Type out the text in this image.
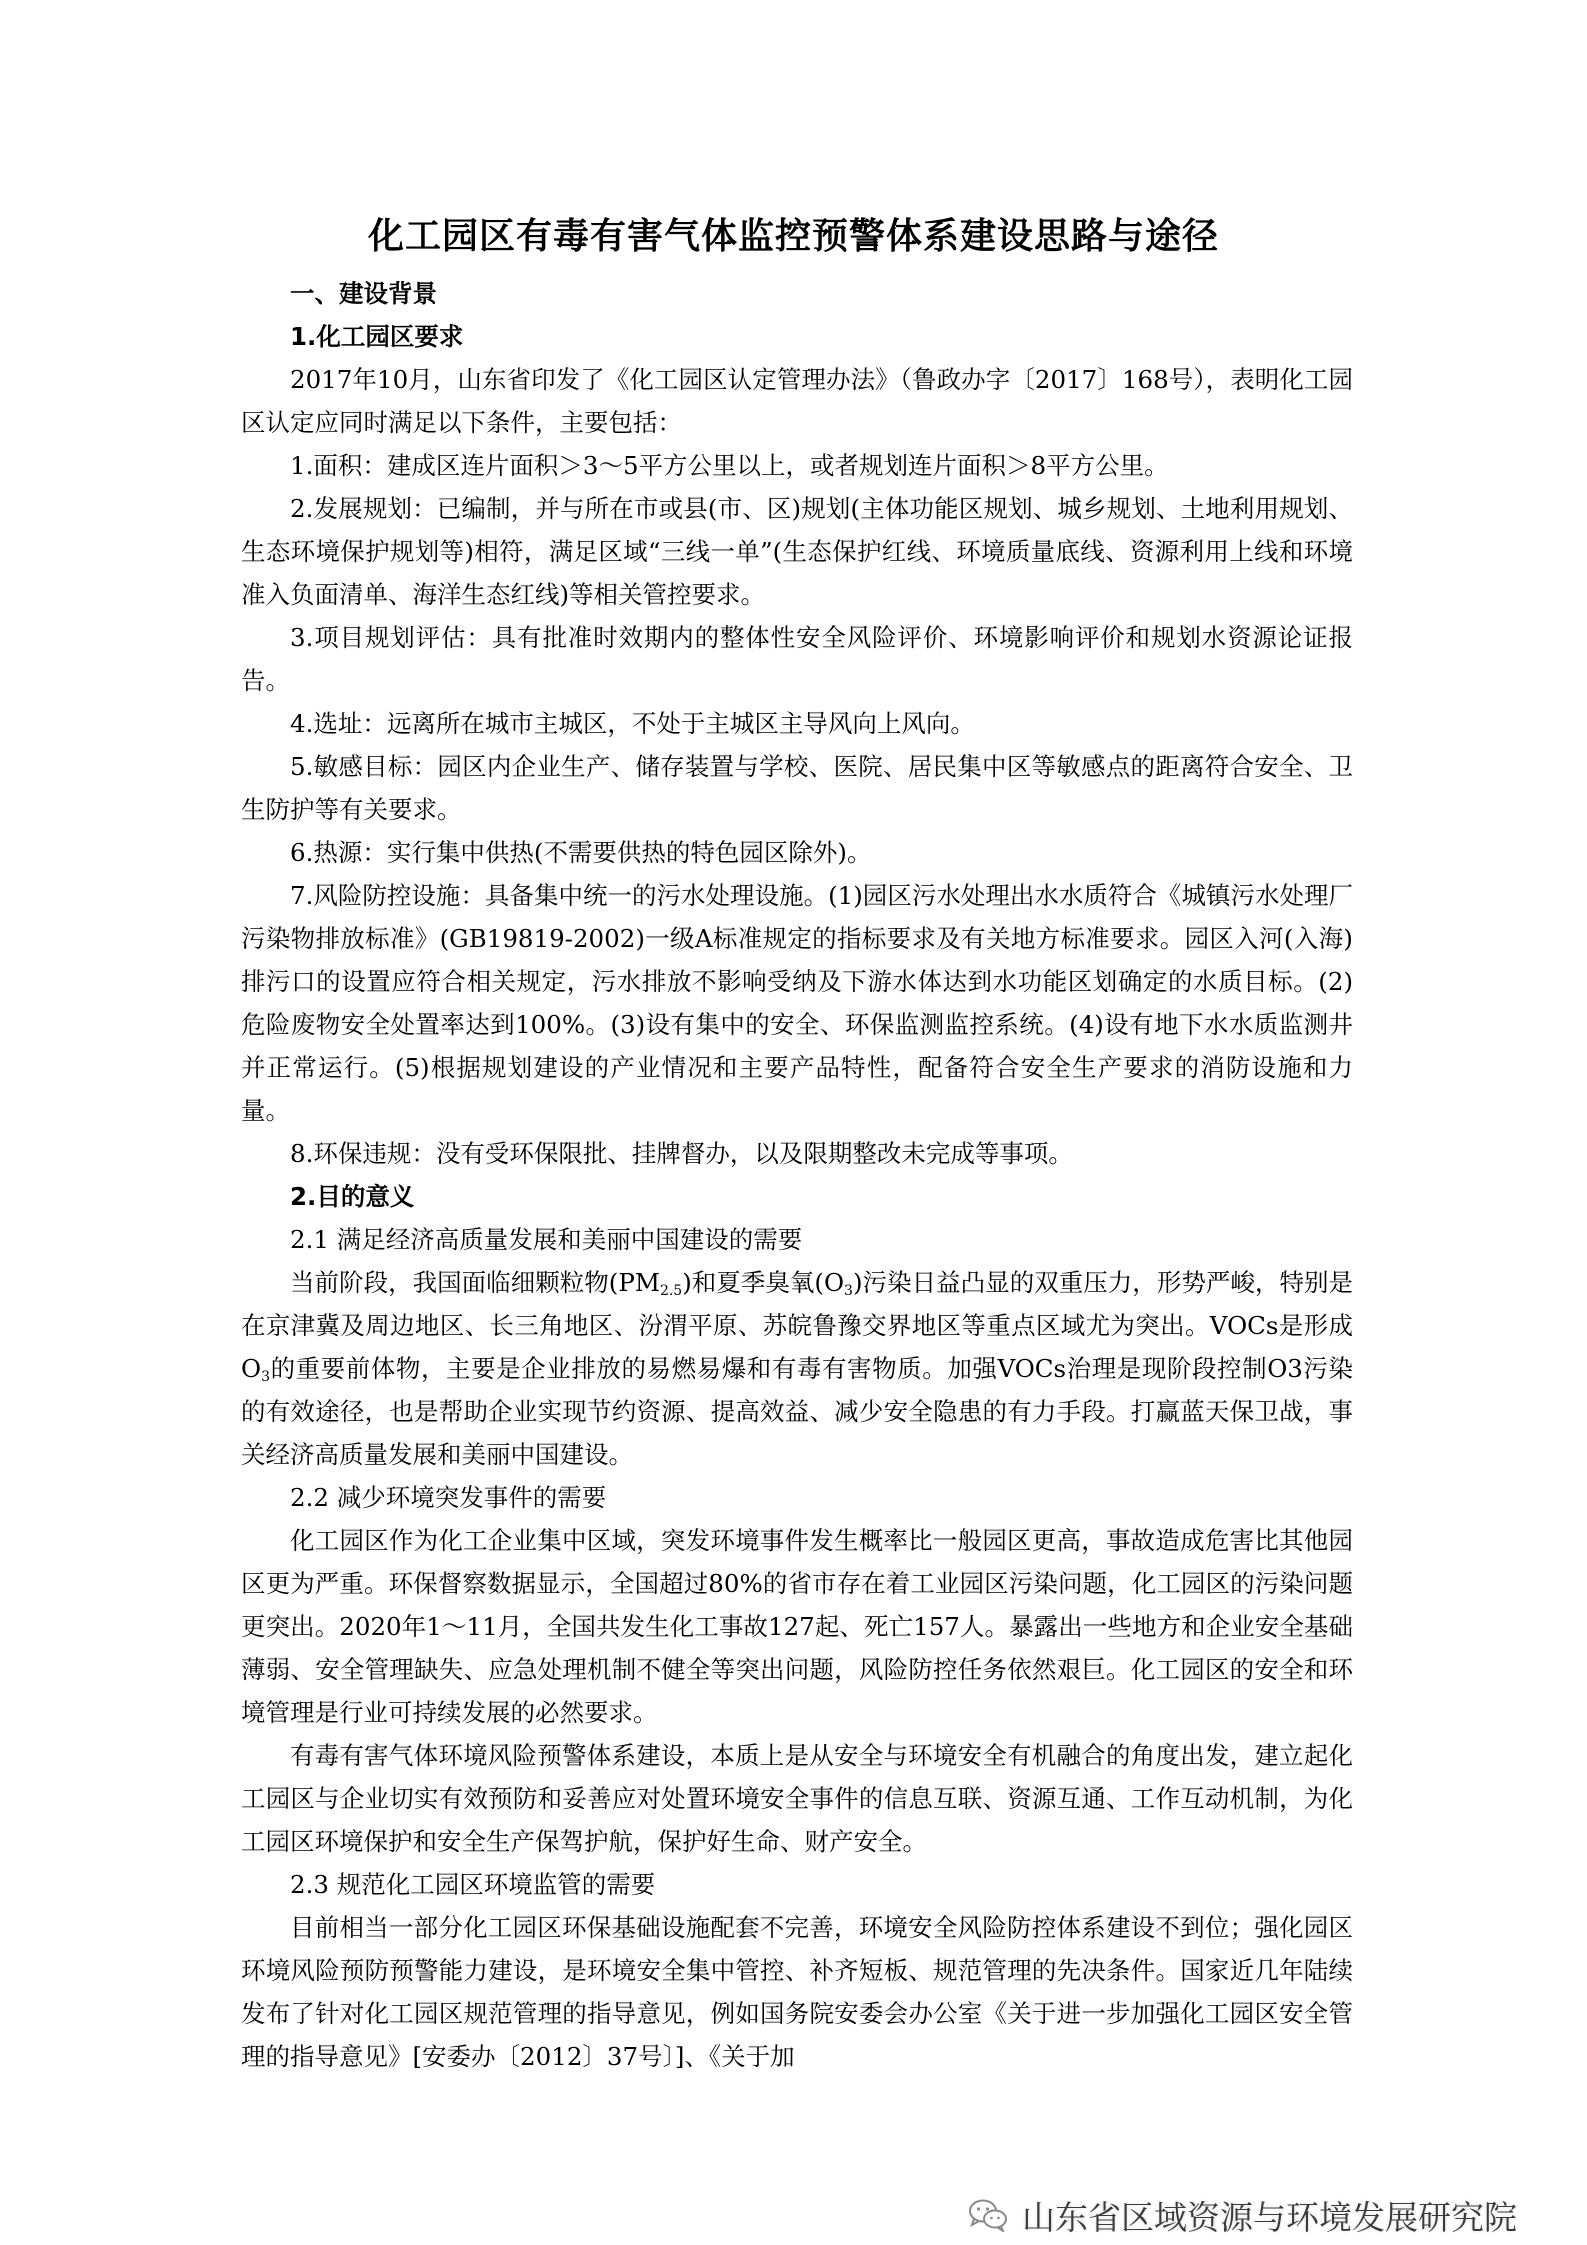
化工园区有毒有害气体监控预警体系建设思路与途径

一、建设背景

1.化工园区要求

2017年10月，山东省印发了《化工园区认定管理办法》（鲁政办字〔2017〕168号），表明化工园区认定应同时满足以下条件，主要包括：

1.面积：建成区连片面积＞3～5平方公里以上，或者规划连片面积＞8平方公里。

2.发展规划：已编制，并与所在市或县(市、区)规划(主体功能区规划、城乡规划、土地利用规划、生态环境保护规划等)相符，满足区域“三线一单”(生态保护红线、环境质量底线、资源利用上线和环境准入负面清单、海洋生态红线)等相关管控要求。

3.项目规划评估：具有批准时效期内的整体性安全风险评价、环境影响评价和规划水资源论证报告。

4.选址：远离所在城市主城区，不处于主城区主导风向上风向。

5.敏感目标：园区内企业生产、储存装置与学校、医院、居民集中区等敏感点的距离符合安全、卫生防护等有关要求。

6.热源：实行集中供热(不需要供热的特色园区除外)。

7.风险防控设施：具备集中统一的污水处理设施。(1)园区污水处理出水水质符合《城镇污水处理厂污染物排放标准》(GB19819-2002)一级A标准规定的指标要求及有关地方标准要求。园区入河(入海)排污口的设置应符合相关规定，污水排放不影响受纳及下游水体达到水功能区划确定的水质目标。(2)危险废物安全处置率达到100%。(3)设有集中的安全、环保监测监控系统。(4)设有地下水水质监测井并正常运行。(5)根据规划建设的产业情况和主要产品特性，配备符合安全生产要求的消防设施和力量。

8.环保违规：没有受环保限批、挂牌督办，以及限期整改未完成等事项。

2.目的意义

2.1 满足经济高质量发展和美丽中国建设的需要

当前阶段，我国面临细颗粒物$(PM_{2.5})$和夏季臭氧$(O_3)$污染日益凸显的双重压力，形势严峻，特别是在京津冀及周边地区、长三角地区、汾渭平原、苏皖鲁豫交界地区等重点区域尤为突出。VOCs是形成$O_3$的重要前体物，主要是企业排放的易燃易爆和有毒有害物质。加强VOCs治理是现阶段控制O3污染的有效途径，也是帮助企业实现节约资源、提高效益、减少安全隐患的有力手段。打赢蓝天保卫战，事关经济高质量发展和美丽中国建设。

2.2 减少环境突发事件的需要

化工园区作为化工企业集中区域，突发环境事件发生概率比一般园区更高，事故造成危害比其他园区更为严重。环保督察数据显示，全国超过80%的省市存在着工业园区污染问题，化工园区的污染问题更突出。2020年1～11月，全国共发生化工事故127起、死亡157人。暴露出一些地方和企业安全基础薄弱、安全管理缺失、应急处理机制不健全等突出问题，风险防控任务依然艰巨。化工园区的安全和环境管理是行业可持续发展的必然要求。

有毒有害气体环境风险预警体系建设，本质上是从安全与环境安全有机融合的角度出发，建立起化工园区与企业切实有效预防和妥善应对处置环境安全事件的信息互联、资源互通、工作互动机制，为化工园区环境保护和安全生产保驾护航，保护好生命、财产安全。

2.3 规范化工园区环境监管的需要

目前相当一部分化工园区环保基础设施配套不完善，环境安全风险防控体系建设不到位；强化园区环境风险预防预警能力建设，是环境安全集中管控、补齐短板、规范管理的先决条件。国家近几年陆续发布了针对化工园区规范管理的指导意见，例如国务院安委会办公室《关于进一步加强化工园区安全管理的指导意见》[安委办〔2012〕37号〕]、《关于加

山东省区域资源与环境发展研究院
